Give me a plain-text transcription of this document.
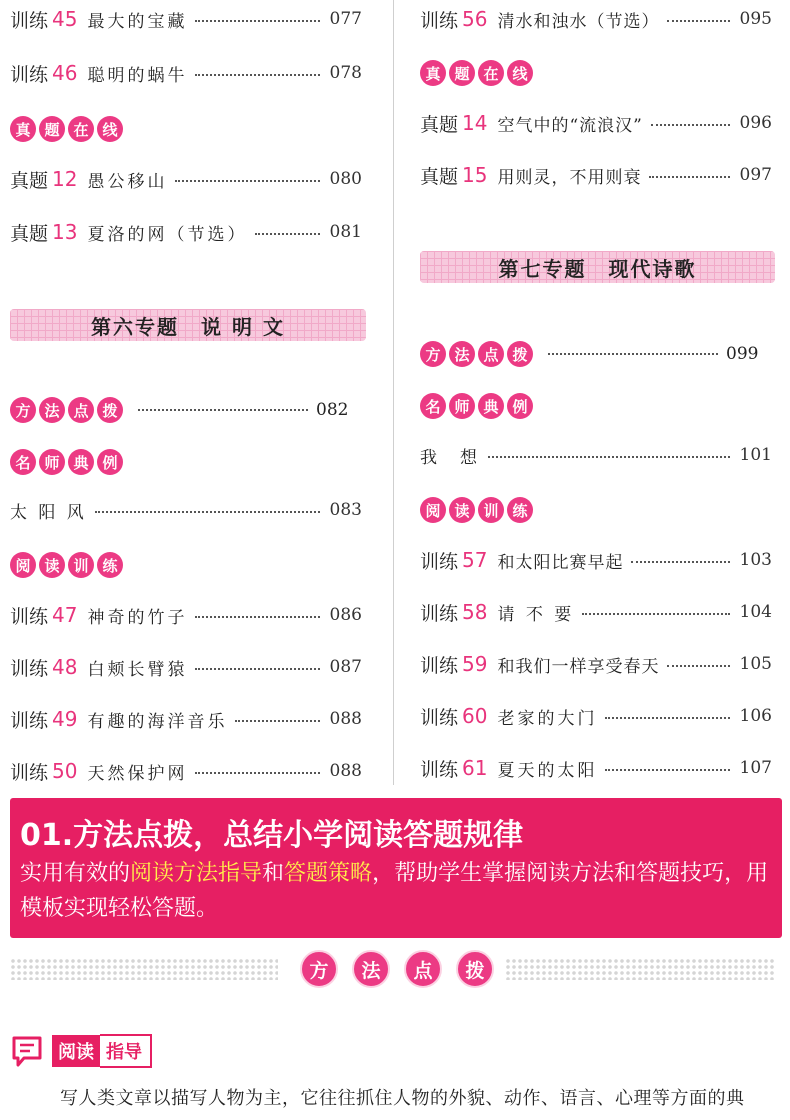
训练 45 最大的宝藏	077
训练 46 聪明的蜗牛	078
真 题 在 线
真题 12 愚公移山	080
真题 13 夏洛的网（节选）	081
第六专题　说 明 文
方 法 点 拨	082
名 师 典 例
太 阳 风	083
阅 读 训 练
训练 47 神奇的竹子	086
训练 48 白颊长臂猿	087
训练 49 有趣的海洋音乐	088
训练 50 天然保护网	088
训练 56 清水和浊水（节选）	095
真 题 在 线
真题 14 空气中的“流浪汉”	096
真题 15 用则灵，不用则衰	097
第七专题　现代诗歌
方 法 点 拨	099
名 师 典 例
我　想	101
阅 读 训 练
训练 57 和太阳比赛早起	103
训练 58 请 不 要	104
训练 59 和我们一样享受春天	105
训练 60 老家的大门	106
训练 61 夏天的太阳	107
01.方法点拨，总结小学阅读答题规律
实用有效的阅读方法指导和答题策略，帮助学生掌握阅读方法和答题技巧，用模板实现轻松答题。
方	法	点	拨
阅读 指导
写人类文章以描写人物为主，它往往抓住人物的外貌、动作、语言、心理等方面的典
